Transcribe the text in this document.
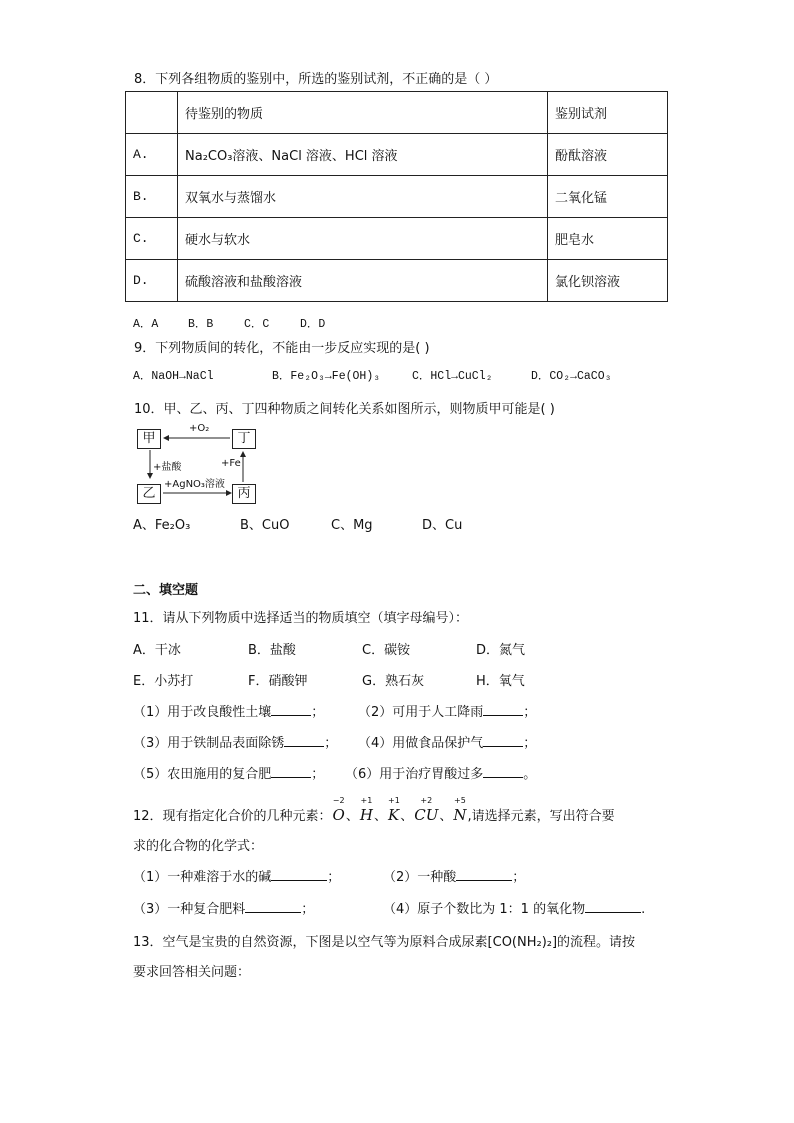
8．下列各组物质的鉴别中，所选的鉴别试剂，不正确的是（ ）
	待鉴别的物质	鉴别试剂
A.	Na₂CO₃溶液、NaCl 溶液、HCl 溶液	酚酞溶液
B.	双氧水与蒸馏水	二氧化锰
C.	硬水与软水	肥皂水
D.	硫酸溶液和盐酸溶液	氯化钡溶液
A．A	B．B	C．C	D．D
9．下列物质间的转化，不能由一步反应实现的是( )
A．NaOH→NaCl	B．Fe₂O₃→Fe(OH)₃	C．HCl→CuCl₂	D．CO₂→CaCO₃
10．甲、乙、丙、丁四种物质之间转化关系如图所示，则物质甲可能是( )
甲	丁
乙	丙
+O₂
+盐酸
+AgNO₃溶液
+Fe
A、Fe₂O₃	B、CuO	C、Mg	D、Cu
二、填空题
11．请从下列物质中选择适当的物质填空（填字母编号）：
A．干冰	B．盐酸	C．碳铵	D．氮气
E．小苏打	F．硝酸钾	G．熟石灰	H．氧气
（1）用于改良酸性土壤	；	（2）可用于人工降雨	；
（3）用于铁制品表面除锈	； （4）用做食品保护气	；
（5）农田施用的复合肥	； （6）用于治疗胃酸过多	。
12．现有指定化合价的几种元素：
−2
O、
+1
H、
+1
K、
+2
CU、
+5
N,请选择元素，写出符合要
求的化合物的化学式：
（1）一种难溶于水的碱	；	（2）一种酸	；
（3）一种复合肥料	；	（4）原子个数比为 1：1 的氧化物	.
13．空气是宝贵的自然资源，下图是以空气等为原料合成尿素[CO(NH₂)₂]的流程。请按
要求回答相关问题：
